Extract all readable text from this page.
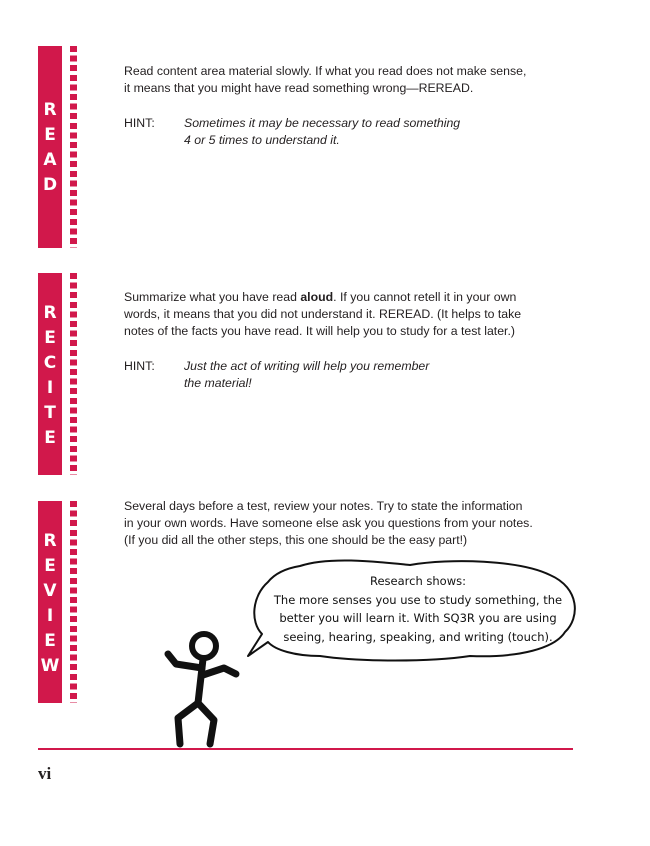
R
E
A
D

Read content area material slowly. If what you read does not make sense,
it means that you might have read something wrong—REREAD.

HINT: Sometimes it may be necessary to read something
4 or 5 times to understand it.
R
E
C
I
T
E

Summarize what you have read aloud. If you cannot retell it in your own
words, it means that you did not understand it. REREAD. (It helps to take
notes of the facts you have read. It will help you to study for a test later.)

HINT: Just the act of writing will help you remember
the material!
R
E
V
I
E
W

Several days before a test, review your notes. Try to state the information
in your own words. Have someone else ask you questions from your notes.
(If you did all the other steps, this one should be the easy part!)

Research shows:
The more senses you use to study something, the
better you will learn it. With SQ3R you are using
seeing, hearing, speaking, and writing (touch).
vi
